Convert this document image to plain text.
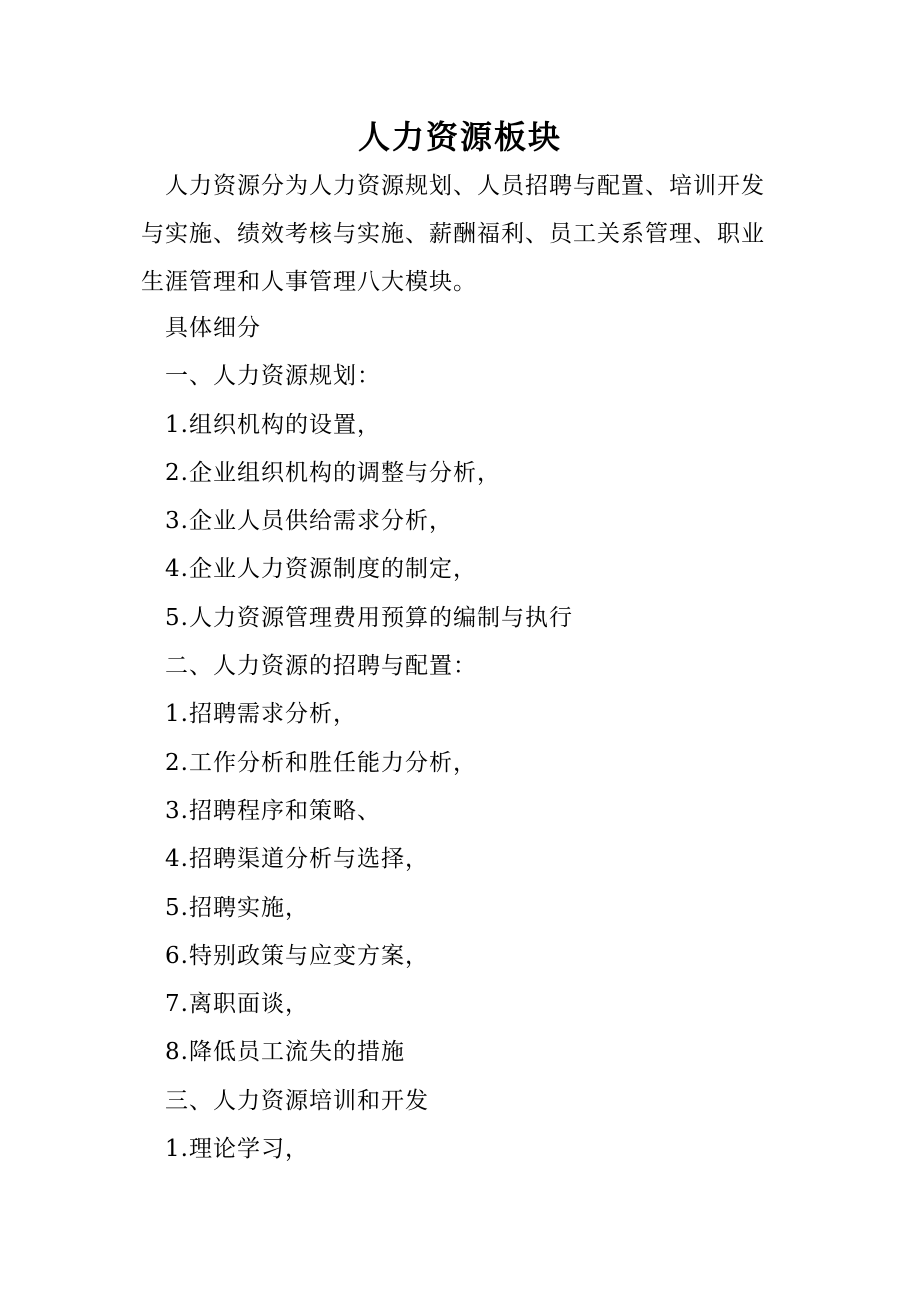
人力资源板块

人力资源分为人力资源规划、人员招聘与配置、培训开发与实施、绩效考核与实施、薪酬福利、员工关系管理、职业生涯管理和人事管理八大模块。

具体细分
一、人力资源规划：
1.组织机构的设置，
2.企业组织机构的调整与分析，
3.企业人员供给需求分析，
4.企业人力资源制度的制定，
5.人力资源管理费用预算的编制与执行
二、人力资源的招聘与配置：
1.招聘需求分析，
2.工作分析和胜任能力分析，
3.招聘程序和策略、
4.招聘渠道分析与选择，
5.招聘实施，
6.特别政策与应变方案，
7.离职面谈，
8.降低员工流失的措施
三、人力资源培训和开发
1.理论学习，
